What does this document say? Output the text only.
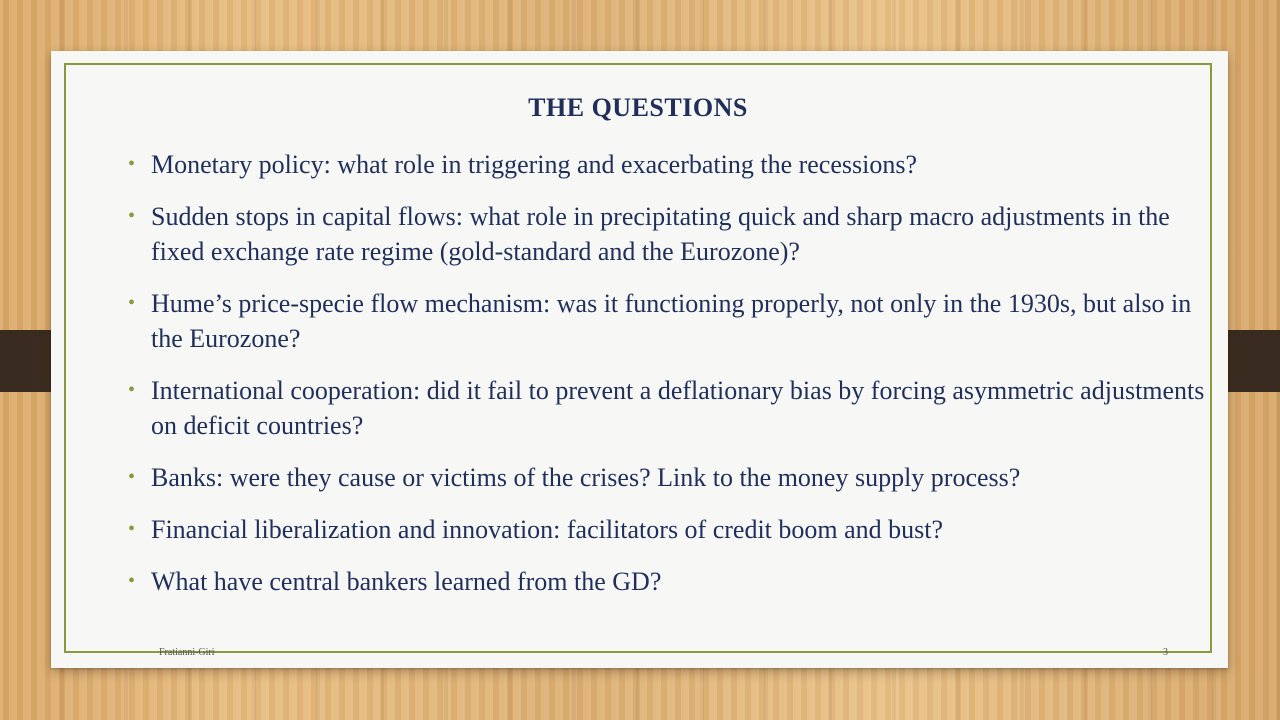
THE QUESTIONS
• Monetary policy: what role in triggering and exacerbating the recessions?
• Sudden stops in capital flows: what role in precipitating quick and sharp macro adjustments in the fixed exchange rate regime (gold-standard and the Eurozone)?
• Hume’s price-specie flow mechanism: was it functioning properly, not only in the 1930s, but also in the Eurozone?
• International cooperation: did it fail to prevent a deflationary bias by forcing asymmetric adjustments on deficit countries?
• Banks: were they cause or victims of the crises? Link to the money supply process?
• Financial liberalization and innovation: facilitators of credit boom and bust?
• What have central bankers learned from the GD?
Fratianni-Giri	3
